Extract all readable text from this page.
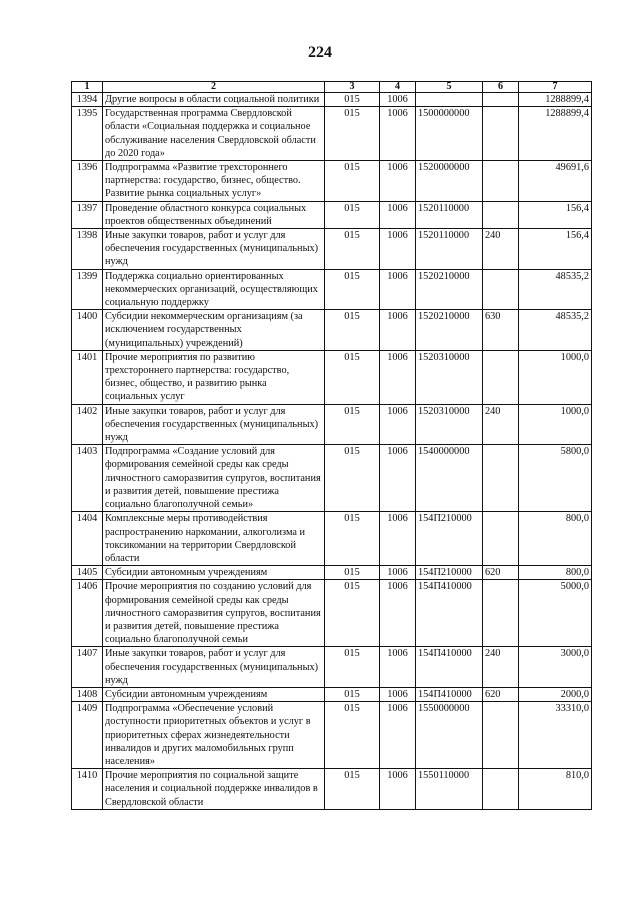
224
1	2	3	4	5	6	7
1394	Другие вопросы в области социальной политики	015	1006			1288899,4
1395	Государственная программа Свердловской области «Социальная поддержка и социальное обслуживание населения Свердловской области до 2020 года»	015	1006	1500000000		1288899,4
1396	Подпрограмма «Развитие трехстороннего партнерства: государство, бизнес, общество. Развитие рынка социальных услуг»	015	1006	1520000000		49691,6
1397	Проведение областного конкурса социальных проектов общественных объединений	015	1006	1520110000		156,4
1398	Иные закупки товаров, работ и услуг для обеспечения государственных (муниципальных) нужд	015	1006	1520110000	240	156,4
1399	Поддержка социально ориентированных некоммерческих организаций, осуществляющих социальную поддержку	015	1006	1520210000		48535,2
1400	Субсидии некоммерческим организациям (за исключением государственных (муниципальных) учреждений)	015	1006	1520210000	630	48535,2
1401	Прочие мероприятия по развитию трехстороннего партнерства: государство, бизнес, общество, и развитию рынка социальных услуг	015	1006	1520310000		1000,0
1402	Иные закупки товаров, работ и услуг для обеспечения государственных (муниципальных) нужд	015	1006	1520310000	240	1000,0
1403	Подпрограмма «Создание условий для формирования семейной среды как среды личностного саморазвития супругов, воспитания и развития детей, повышение престижа социально благополучной семьи»	015	1006	1540000000		5800,0
1404	Комплексные меры противодействия распространению наркомании, алкоголизма и токсикомании на территории Свердловской области	015	1006	154П210000		800,0
1405	Субсидии автономным учреждениям	015	1006	154П210000	620	800,0
1406	Прочие мероприятия по созданию условий для формирования семейной среды как среды личностного саморазвития супругов, воспитания и развития детей, повышение престижа социально благополучной семьи	015	1006	154П410000		5000,0
1407	Иные закупки товаров, работ и услуг для обеспечения государственных (муниципальных) нужд	015	1006	154П410000	240	3000,0
1408	Субсидии автономным учреждениям	015	1006	154П410000	620	2000,0
1409	Подпрограмма «Обеспечение условий доступности приоритетных объектов и услуг в приоритетных сферах жизнедеятельности инвалидов и других маломобильных групп населения»	015	1006	1550000000		33310,0
1410	Прочие мероприятия по социальной защите населения и социальной поддержке инвалидов в Свердловской области	015	1006	1550110000		810,0
